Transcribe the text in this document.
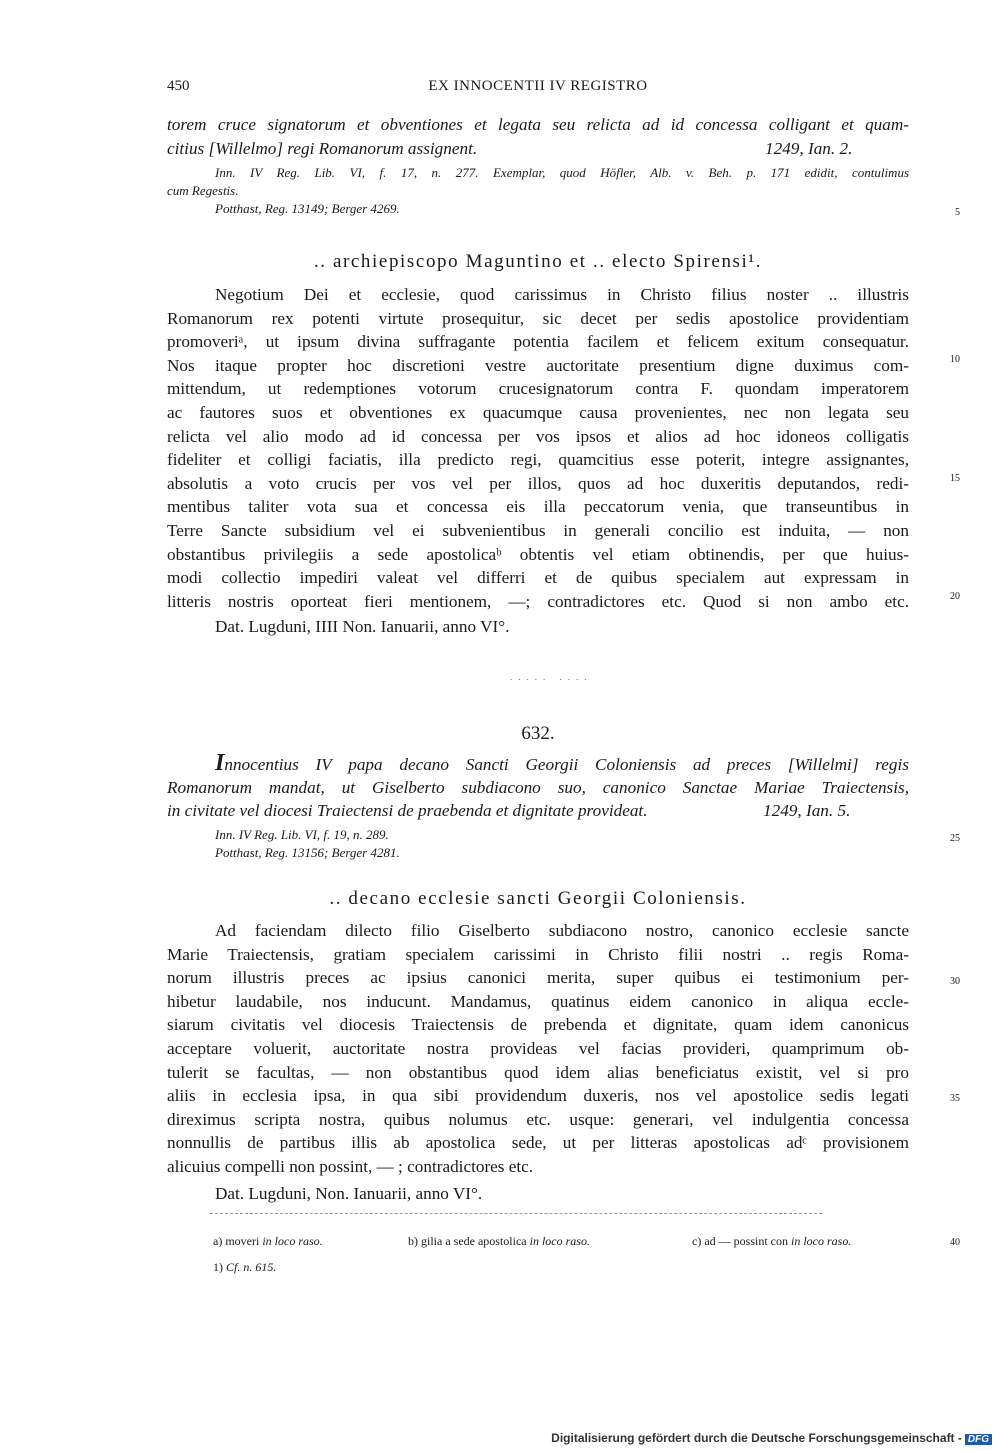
450	EX INNOCENTII IV REGISTRO
torem cruce signatorum et obventiones et legata seu relicta ad id concessa colligant et quam-
citius [Willelmo] regi Romanorum assignent.	1249, Ian. 2.
Inn. IV Reg. Lib. VI, f. 17, n. 277. Exemplar, quod Höfler, Alb. v. Beh. p. 171 edidit, contulimus
cum Regestis.
Potthast, Reg. 13149; Berger 4269.	5
.. archiepiscopo Maguntino et .. electo Spirensi¹.
Negotium Dei et ecclesie, quod carissimus in Christo filius noster .. illustris
Romanorum rex potenti virtute prosequitur, sic decet per sedis apostolice providentiam
promoveriᵃ, ut ipsum divina suffragante potentia facilem et felicem exitum consequatur.
Nos itaque propter hoc discretioni vestre auctoritate presentium digne duximus com-
mittendum, ut redemptiones votorum crucesignatorum contra F. quondam imperatorem
ac fautores suos et obventiones ex quacumque causa provenientes, nec non legata seu
relicta vel alio modo ad id concessa per vos ipsos et alios ad hoc idoneos colligatis
fideliter et colligi faciatis, illa predicto regi, quamcitius esse poterit, integre assignantes,
absolutis a voto crucis per vos vel per illos, quos ad hoc duxeritis deputandos, redi-
mentibus taliter vota sua et concessa eis illa peccatorum venia, que transeuntibus in
Terre Sancte subsidium vel ei subvenientibus in generali concilio est induita, — non
obstantibus privilegiis a sede apostolicaᵇ obtentis vel etiam obtinendis, per que huius-
modi collectio impediri valeat vel differri et de quibus specialem aut expressam in
litteris nostris oporteat fieri mentionem, —; contradictores etc. Quod si non ambo etc.
Dat. Lugduni, IIII Non. Ianuarii, anno VI°.
10
15
20
..... ....
632.
Innocentius IV papa decano Sancti Georgii Coloniensis ad preces [Willelmi] regis
Romanorum mandat, ut Giselberto subdiacono suo, canonico Sanctae Mariae Traiectensis,
in civitate vel diocesi Traiectensi de praebenda et dignitate provideat.	1249, Ian. 5.
Inn. IV Reg. Lib. VI, f. 19, n. 289.
Potthast, Reg. 13156; Berger 4281.
25
.. decano ecclesie sancti Georgii Coloniensis.
Ad faciendam dilecto filio Giselberto subdiacono nostro, canonico ecclesie sancte
Marie Traiectensis, gratiam specialem carissimi in Christo filii nostri .. regis Roma-
norum illustris preces ac ipsius canonici merita, super quibus ei testimonium per-
hibetur laudabile, nos inducunt. Mandamus, quatinus eidem canonico in aliqua eccle-
siarum civitatis vel diocesis Traiectensis de prebenda et dignitate, quam idem canonicus
acceptare voluerit, auctoritate nostra provideas vel facias provideri, quamprimum ob-
tulerit se facultas, — non obstantibus quod idem alias beneficiatus existit, vel si pro
aliis in ecclesia ipsa, in qua sibi providendum duxeris, nos vel apostolice sedis legati
direximus scripta nostra, quibus nolumus etc. usque: generari, vel indulgentia concessa
nonnullis de partibus illis ab apostolica sede, ut per litteras apostolicas adᶜ provisionem
alicuius compelli non possint, — ; contradictores etc.
Dat. Lugduni, Non. Ianuarii, anno VI°.
30
35
a) moveri in loco raso.	b) gilia a sede apostolica in loco raso.	c) ad — possint con in loco raso.	40
1) Cf. n. 615.
Digitalisierung gefördert durch die Deutsche Forschungsgemeinschaft - DFG
